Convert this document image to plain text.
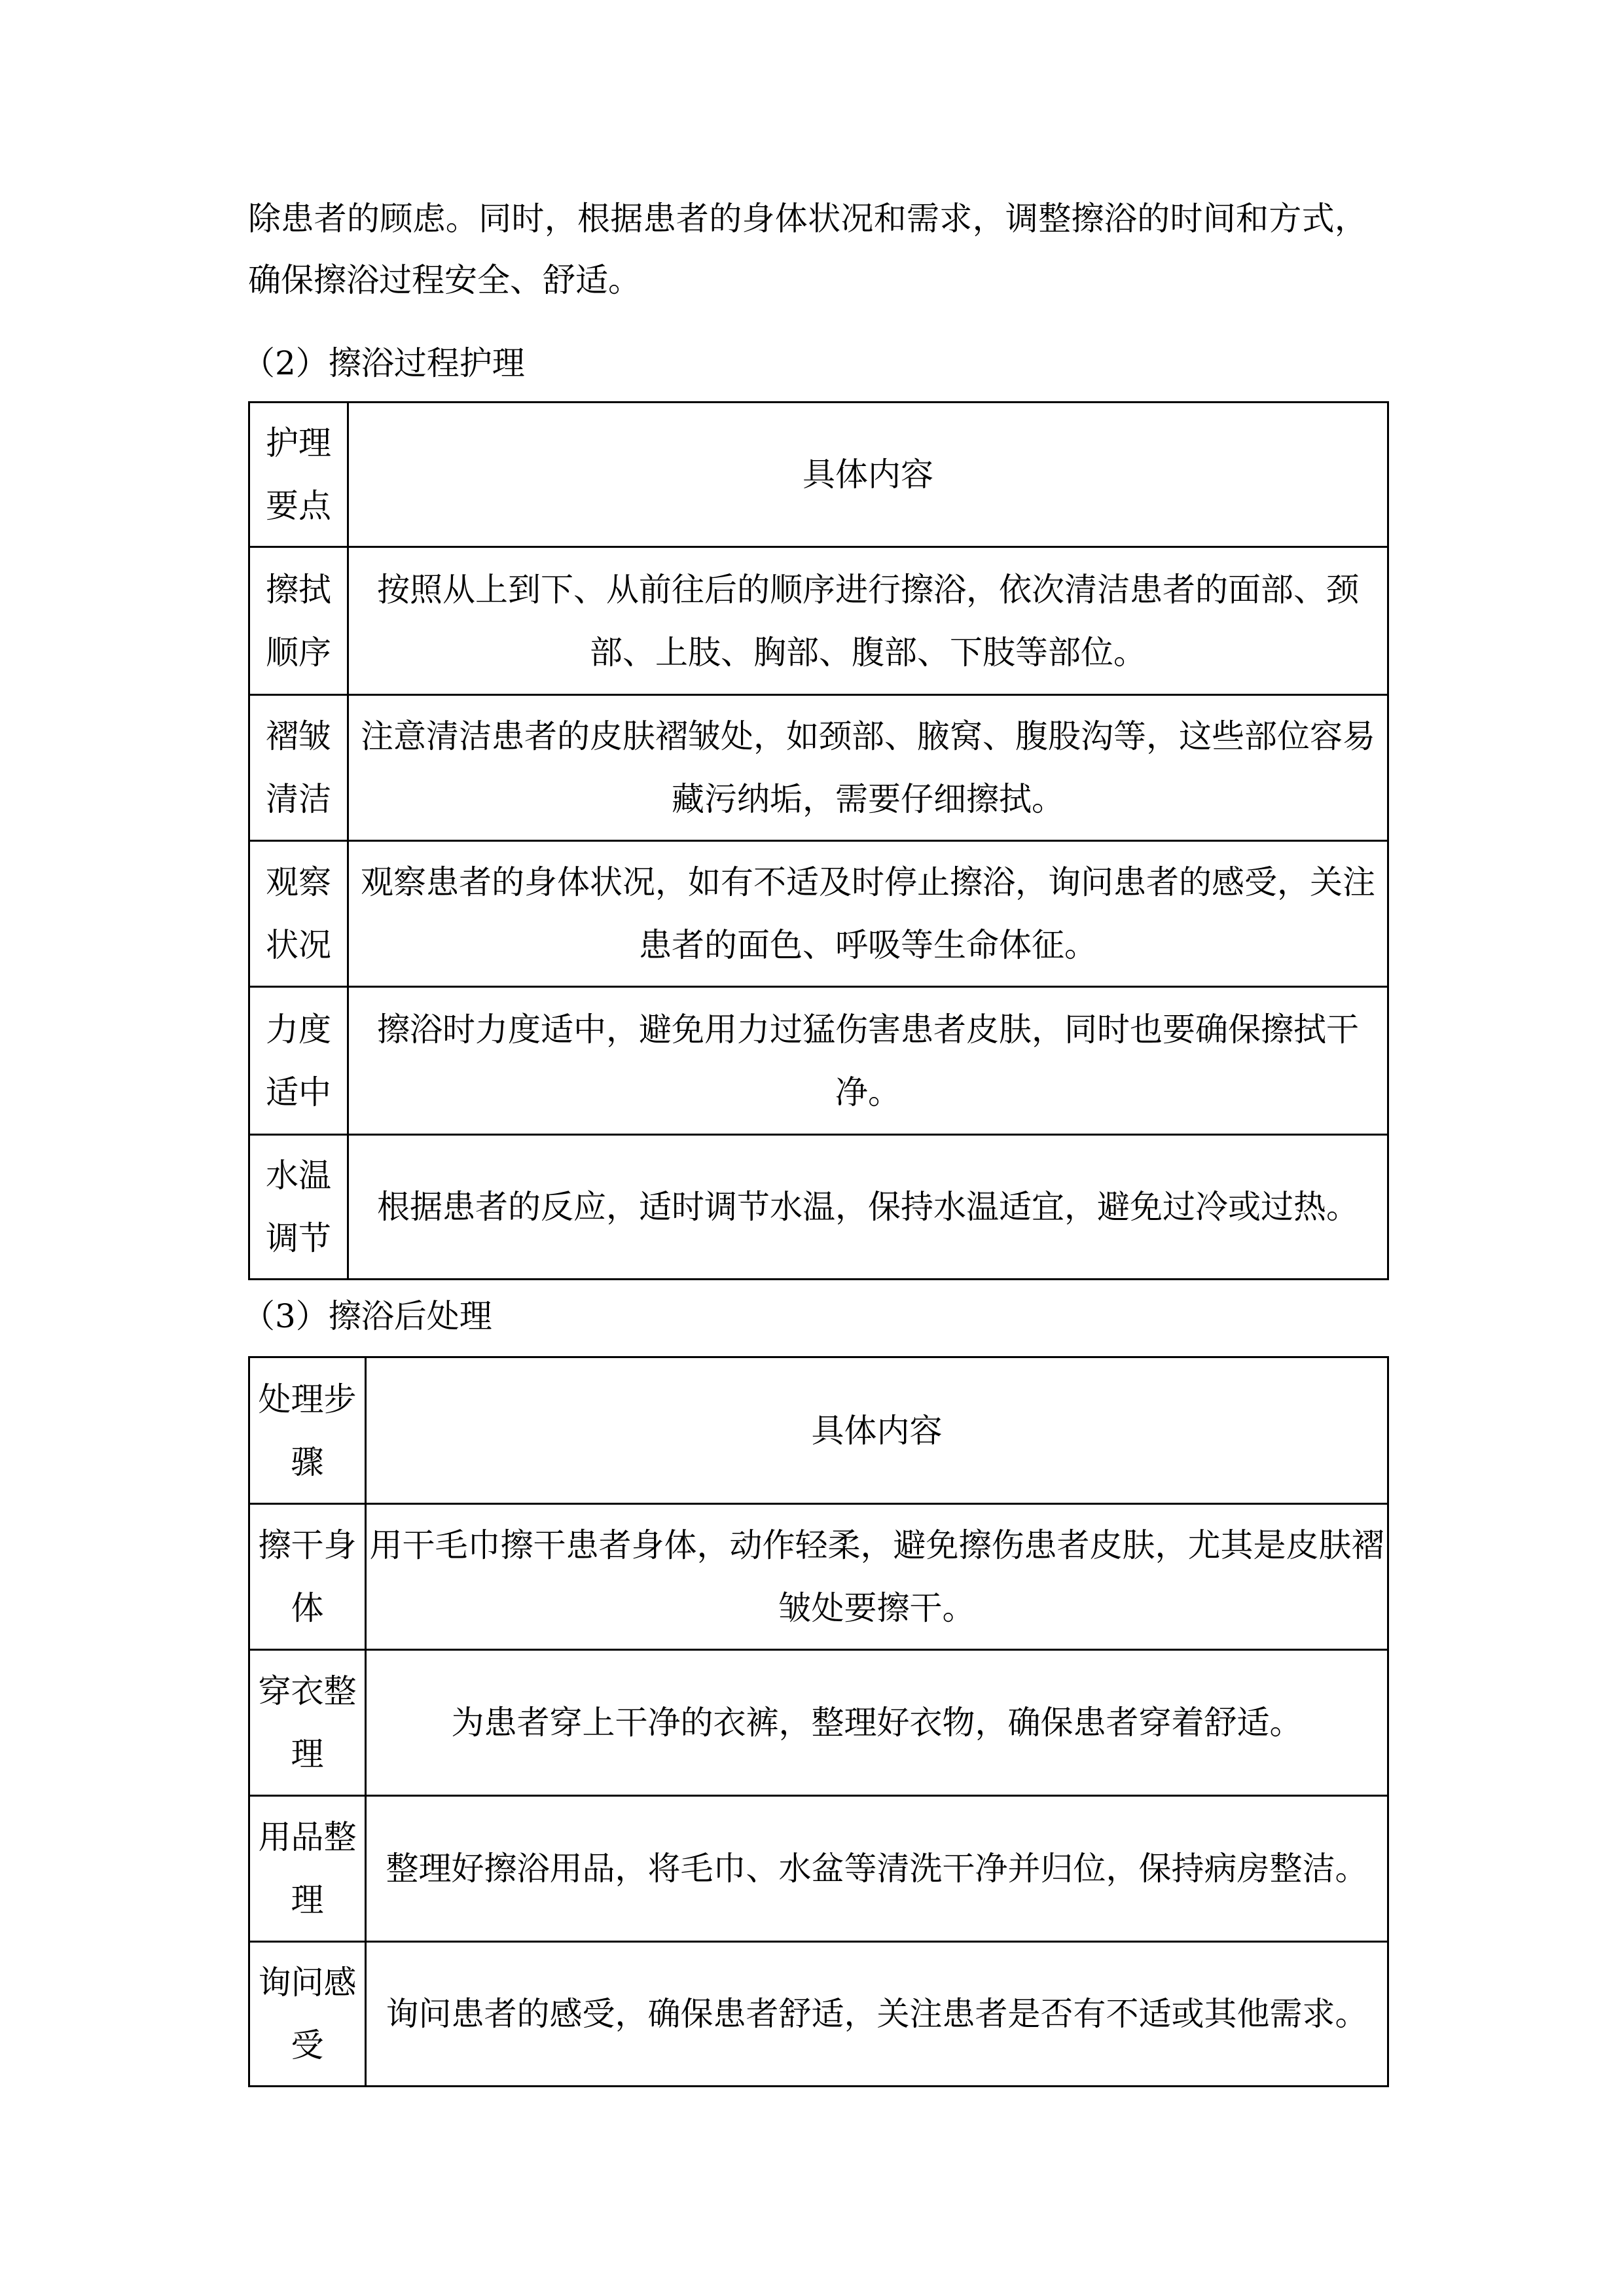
除患者的顾虑。同时，根据患者的身体状况和需求，调整擦浴的时间和方式，
确保擦浴过程安全、舒适。
（2）擦浴过程护理
护理要点	具体内容
擦拭顺序	按照从上到下、从前往后的顺序进行擦浴，依次清洁患者的面部、颈部、上肢、胸部、腹部、下肢等部位。
褶皱清洁	注意清洁患者的皮肤褶皱处，如颈部、腋窝、腹股沟等，这些部位容易藏污纳垢，需要仔细擦拭。
观察状况	观察患者的身体状况，如有不适及时停止擦浴，询问患者的感受，关注患者的面色、呼吸等生命体征。
力度适中	擦浴时力度适中，避免用力过猛伤害患者皮肤，同时也要确保擦拭干净。
水温调节	根据患者的反应，适时调节水温，保持水温适宜，避免过冷或过热。
（3）擦浴后处理
处理步骤	具体内容
擦干身体	用干毛巾擦干患者身体，动作轻柔，避免擦伤患者皮肤，尤其是皮肤褶皱处要擦干。
穿衣整理	为患者穿上干净的衣裤，整理好衣物，确保患者穿着舒适。
用品整理	整理好擦浴用品，将毛巾、水盆等清洗干净并归位，保持病房整洁。
询问感受	询问患者的感受，确保患者舒适，关注患者是否有不适或其他需求。
